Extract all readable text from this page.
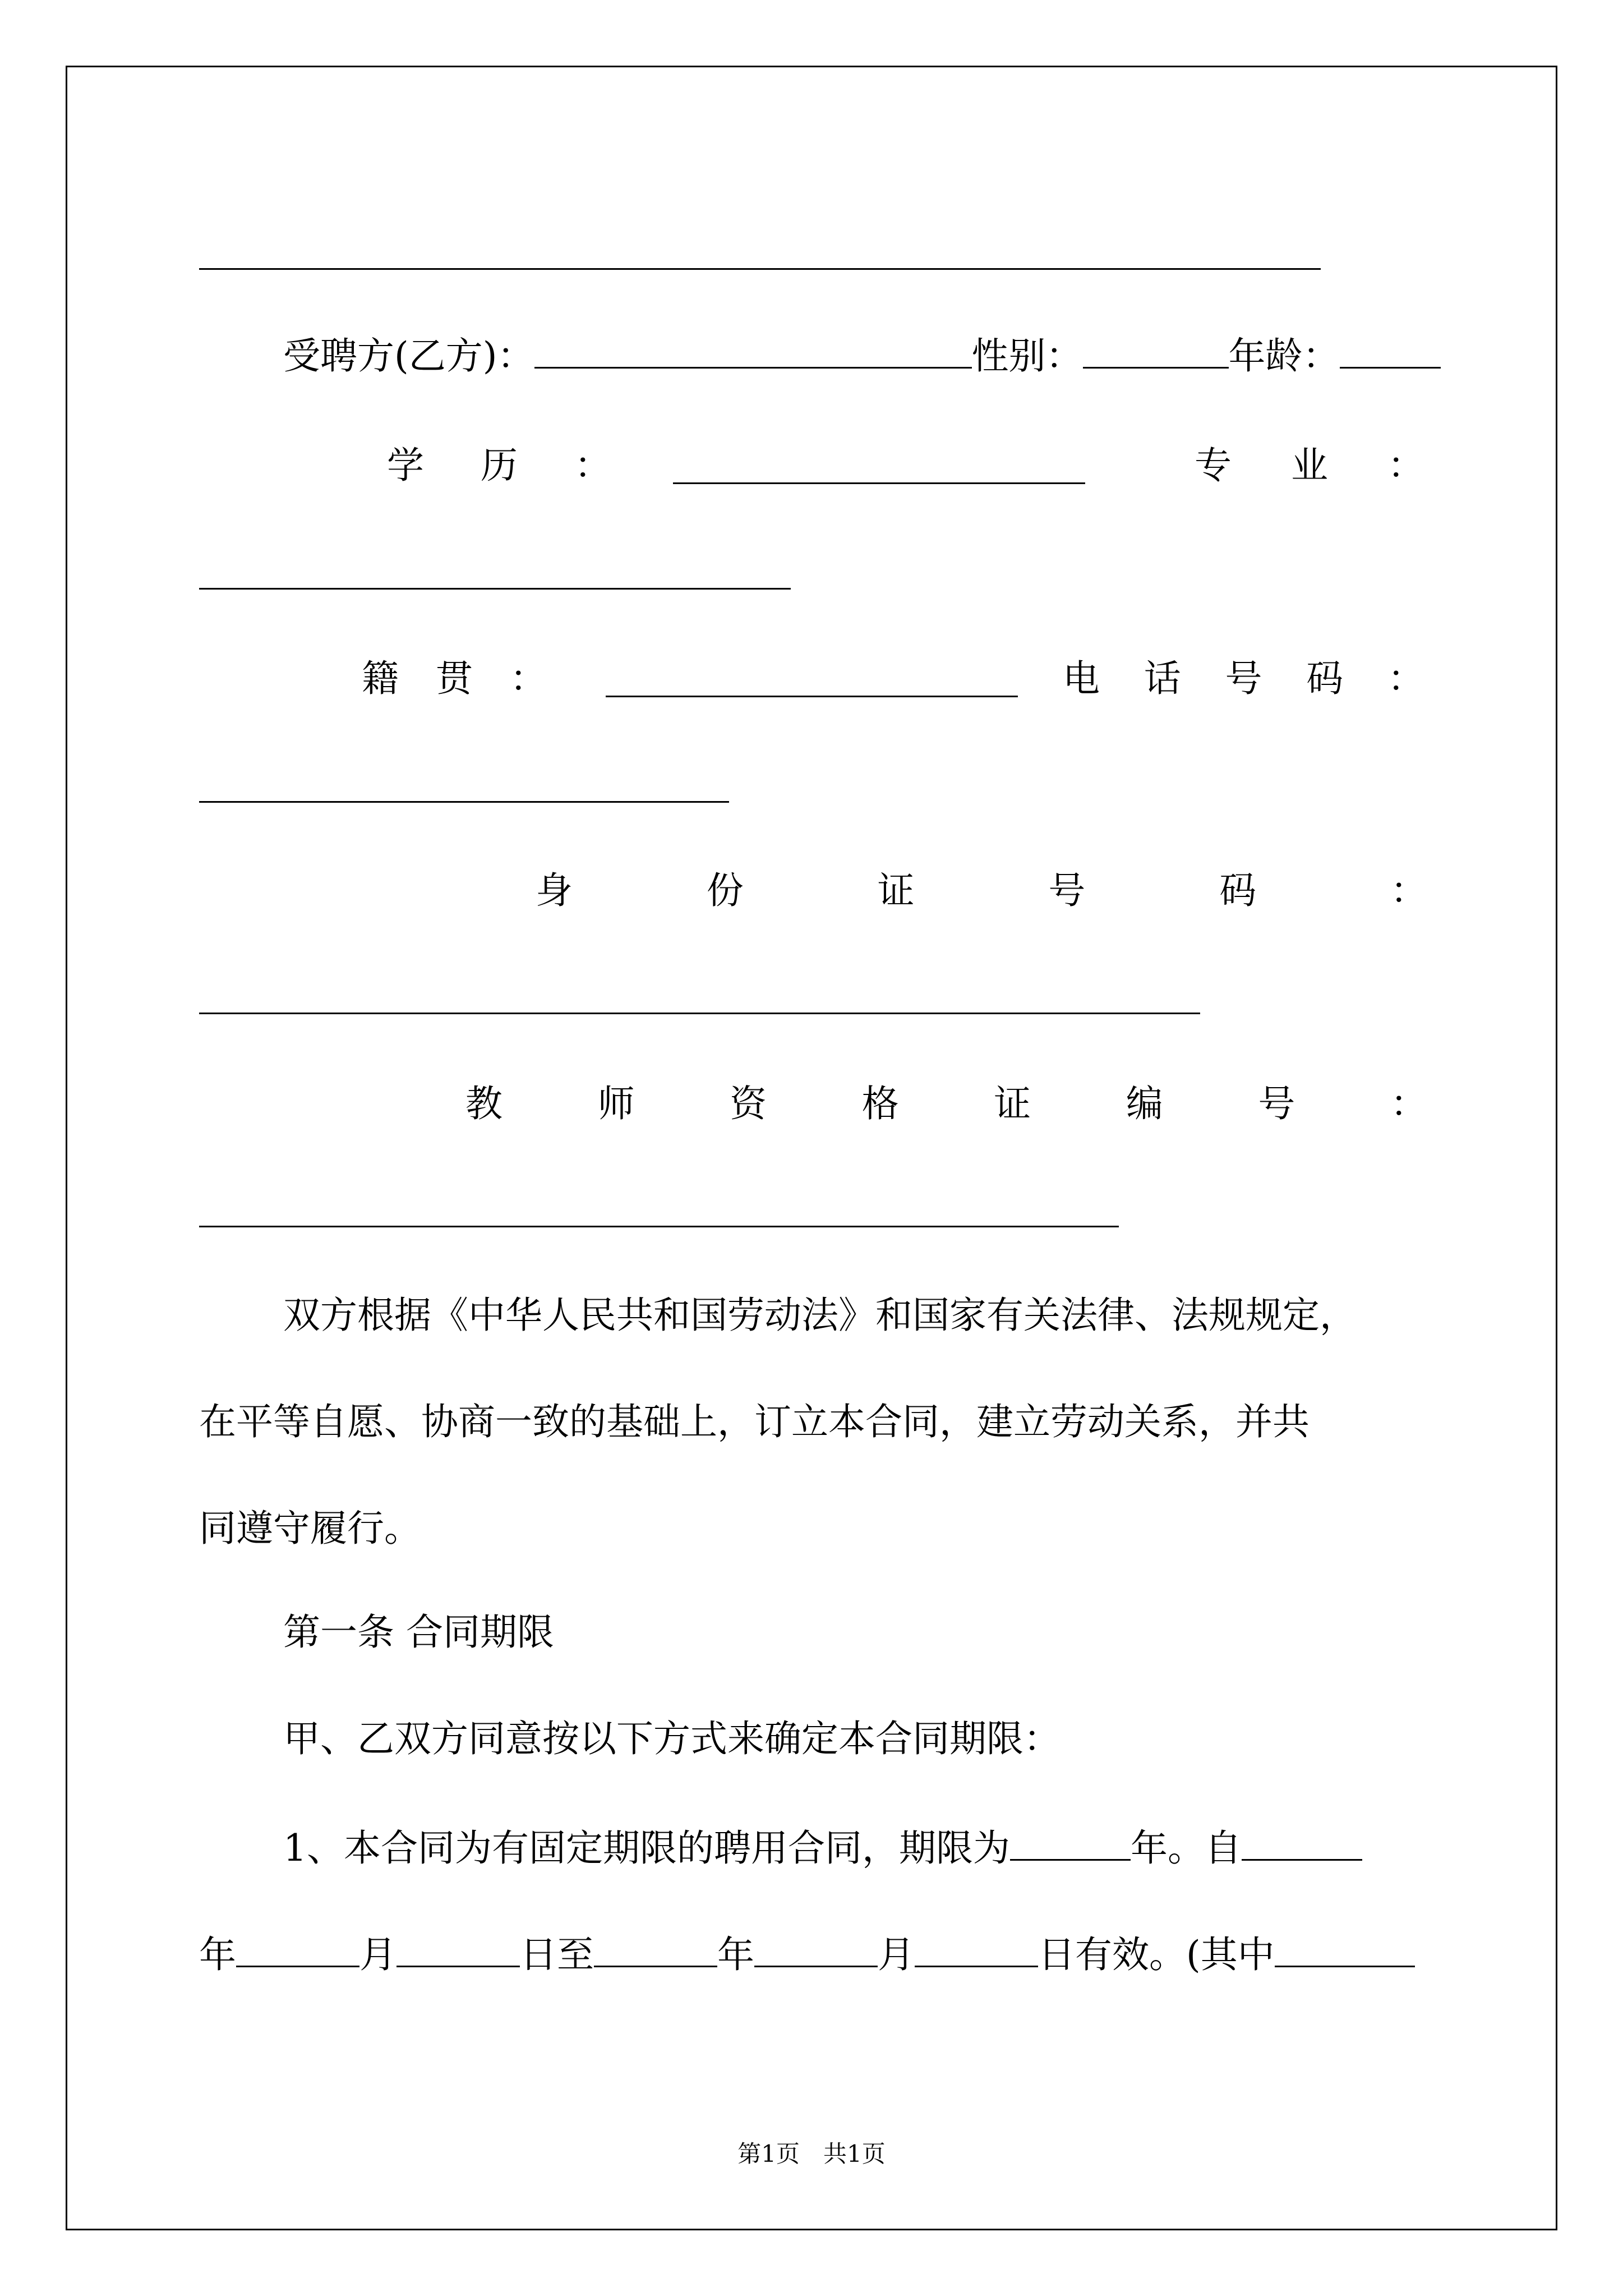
受聘方(乙方)：	性别：	年龄：
学 历 ：	专 业 ：
籍 贯 ：	电 话 号 码 ：
身	份	证	号	码	：
教	师	资	格	证	编	号	：
双方根据《中华人民共和国劳动法》和国家有关法律、法规规定，
在平等自愿、协商一致的基础上，订立本合同，建立劳动关系，并共
同遵守履行。
第一条 合同期限
甲、乙双方同意按以下方式来确定本合同期限：
1、本合同为有固定期限的聘用合同，期限为	年。自
年	月	日至	年	月	日有效。(其中
第1页　共1页
